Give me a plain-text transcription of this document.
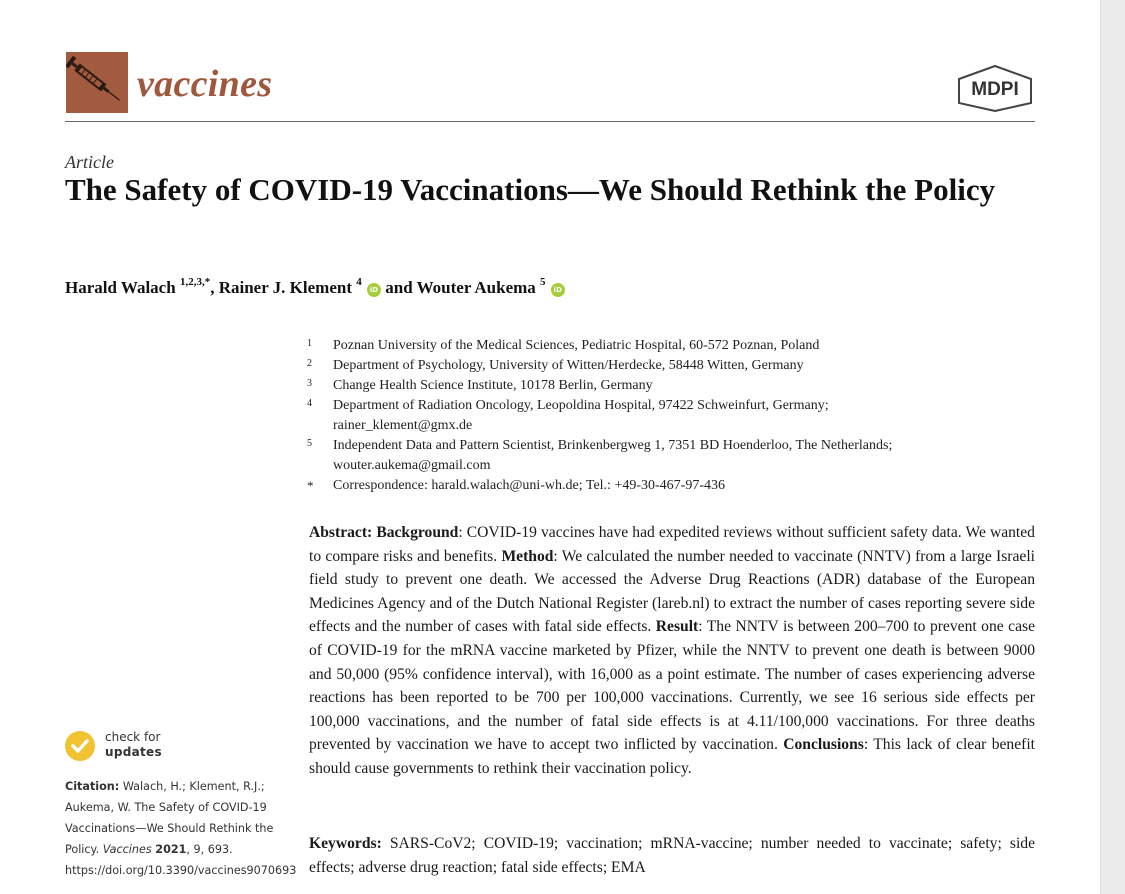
vaccines	MDPI
Article
The Safety of COVID-19 Vaccinations—We Should Rethink the Policy
Harald Walach $^{1,2,3,*}$, Rainer J. Klement $^4$ iD and Wouter Aukema $^5$ iD
1 Poznan University of the Medical Sciences, Pediatric Hospital, 60-572 Poznan, Poland
2 Department of Psychology, University of Witten/Herdecke, 58448 Witten, Germany
3 Change Health Science Institute, 10178 Berlin, Germany
4 Department of Radiation Oncology, Leopoldina Hospital, 97422 Schweinfurt, Germany;
rainer_klement@gmx.de
5 Independent Data and Pattern Scientist, Brinkenbergweg 1, 7351 BD Hoenderloo, The Netherlands;
wouter.aukema@gmail.com
* Correspondence: harald.walach@uni-wh.de; Tel.: +49-30-467-97-436

Abstract: Background: COVID-19 vaccines have had expedited reviews without sufficient safety data. We wanted to compare risks and benefits. Method: We calculated the number needed to vaccinate (NNTV) from a large Israeli field study to prevent one death. We accessed the Adverse Drug Reactions (ADR) database of the European Medicines Agency and of the Dutch National Register (lareb.nl) to extract the number of cases reporting severe side effects and the number of cases with fatal side effects. Result: The NNTV is between 200–700 to prevent one case of COVID-19 for the mRNA vaccine marketed by Pfizer, while the NNTV to prevent one death is between 9000 and 50,000 (95% confidence interval), with 16,000 as a point estimate. The number of cases experiencing adverse reactions has been reported to be 700 per 100,000 vaccinations. Currently, we see 16 serious side effects per 100,000 vaccinations, and the number of fatal side effects is at 4.11/100,000 vaccinations. For three deaths prevented by vaccination we have to accept two inflicted by vaccination. Conclusions: This lack of clear benefit should cause governments to rethink their vaccination policy.

Keywords: SARS-CoV2; COVID-19; vaccination; mRNA-vaccine; number needed to vaccinate; safety; side effects; adverse drug reaction; fatal side effects; EMA

check for
updates
Citation: Walach, H.; Klement, R.J.; Aukema, W. The Safety of COVID-19 Vaccinations—We Should Rethink the Policy. Vaccines 2021, 9, 693. https://doi.org/10.3390/vaccines9070693
